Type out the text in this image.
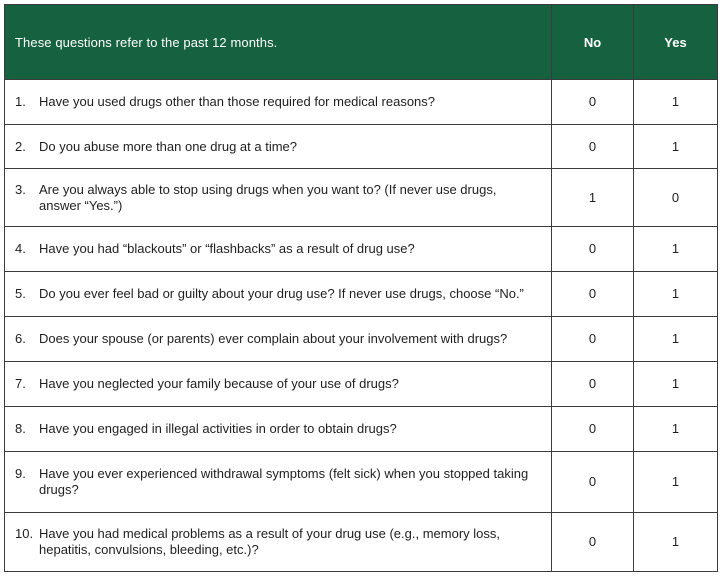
These questions refer to the past 12 months.	No	Yes

1. Have you used drugs other than those required for medical reasons?	0	1

2. Do you abuse more than one drug at a time?	0	1

3. Are you always able to stop using drugs when you want to? (If never use drugs, answer “Yes.”)	1	0

4. Have you had “blackouts” or “flashbacks” as a result of drug use?	0	1

5. Do you ever feel bad or guilty about your drug use? If never use drugs, choose “No.”	0	1

6. Does your spouse (or parents) ever complain about your involvement with drugs?	0	1

7. Have you neglected your family because of your use of drugs?	0	1

8. Have you engaged in illegal activities in order to obtain drugs?	0	1

9. Have you ever experienced withdrawal symptoms (felt sick) when you stopped taking drugs?	0	1

10. Have you had medical problems as a result of your drug use (e.g., memory loss, hepatitis, convulsions, bleeding, etc.)?	0	1
